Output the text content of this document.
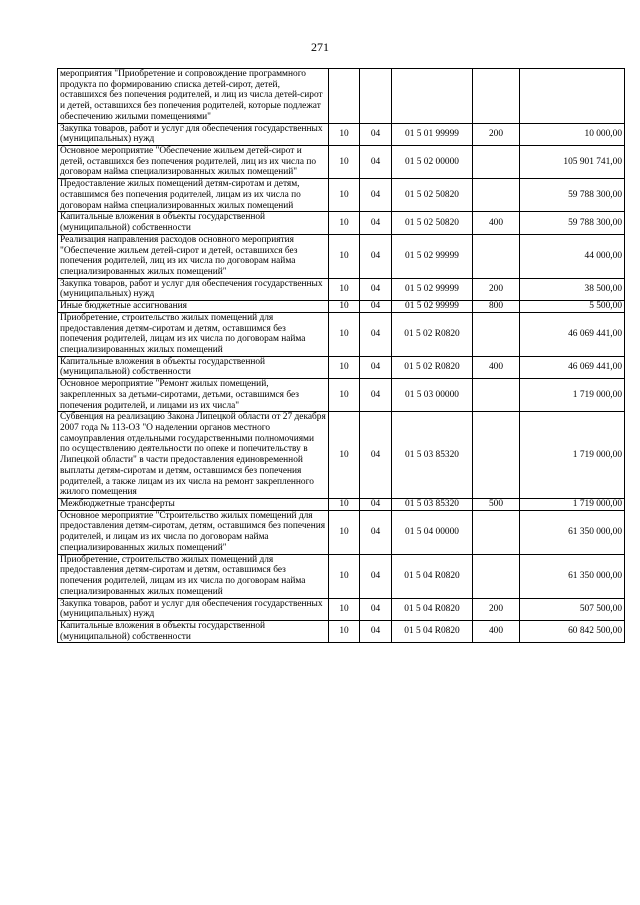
271
мероприятия "Приобретение и сопровождение программного продукта по формированию списка детей-сирот, детей, оставшихся без попечения родителей, и лиц из числа детей-сирот и детей, оставшихся без попечения родителей, которые подлежат обеспечению жилыми помещениями"					
Закупка товаров, работ и услуг для обеспечения государственных (муниципальных) нужд	10	04	01 5 01 99999	200	10 000,00
Основное мероприятие "Обеспечение жильем детей-сирот и детей, оставшихся без попечения родителей, лиц из их числа по договорам найма специализированных жилых помещений"	10	04	01 5 02 00000		105 901 741,00
Предоставление жилых помещений детям-сиротам и детям, оставшимся без попечения родителей, лицам из их числа по договорам найма специализированных жилых помещений	10	04	01 5 02 50820		59 788 300,00
Капитальные вложения в объекты государственной (муниципальной) собственности	10	04	01 5 02 50820	400	59 788 300,00
Реализация направления расходов основного мероприятия "Обеспечение жильем детей-сирот и детей, оставшихся без попечения родителей, лиц из их числа по договорам найма специализированных жилых помещений"	10	04	01 5 02 99999		44 000,00
Закупка товаров, работ и услуг для обеспечения государственных (муниципальных) нужд	10	04	01 5 02 99999	200	38 500,00
Иные бюджетные ассигнования	10	04	01 5 02 99999	800	5 500,00
Приобретение, строительство жилых помещений для предоставления детям-сиротам и детям, оставшимся без попечения родителей, лицам из их числа по договорам найма специализированных жилых помещений	10	04	01 5 02 R0820		46 069 441,00
Капитальные вложения в объекты государственной (муниципальной) собственности	10	04	01 5 02 R0820	400	46 069 441,00
Основное мероприятие "Ремонт жилых помещений, закрепленных за детьми-сиротами, детьми, оставшимся без попечения родителей, и лицами из их числа"	10	04	01 5 03 00000		1 719 000,00
Субвенция на реализацию Закона Липецкой области от 27 декабря 2007 года № 113-ОЗ "О наделении органов местного самоуправления отдельными государственными полномочиями по осуществлению деятельности по опеке и попечительству в Липецкой области" в части предоставления единовременной выплаты детям-сиротам и детям, оставшимся без попечения родителей, а также лицам из их числа на ремонт закрепленного жилого помещения	10	04	01 5 03 85320		1 719 000,00
Межбюджетные трансферты	10	04	01 5 03 85320	500	1 719 000,00
Основное мероприятие "Строительство жилых помещений для предоставления детям-сиротам, детям, оставшимся без попечения родителей, и лицам из их числа по договорам найма специализированных жилых помещений"	10	04	01 5 04 00000		61 350 000,00
Приобретение, строительство жилых помещений для предоставления детям-сиротам и детям, оставшимся без попечения родителей, лицам из их числа по договорам найма специализированных жилых помещений	10	04	01 5 04 R0820		61 350 000,00
Закупка товаров, работ и услуг для обеспечения государственных (муниципальных) нужд	10	04	01 5 04 R0820	200	507 500,00
Капитальные вложения в объекты государственной (муниципальной) собственности	10	04	01 5 04 R0820	400	60 842 500,00
